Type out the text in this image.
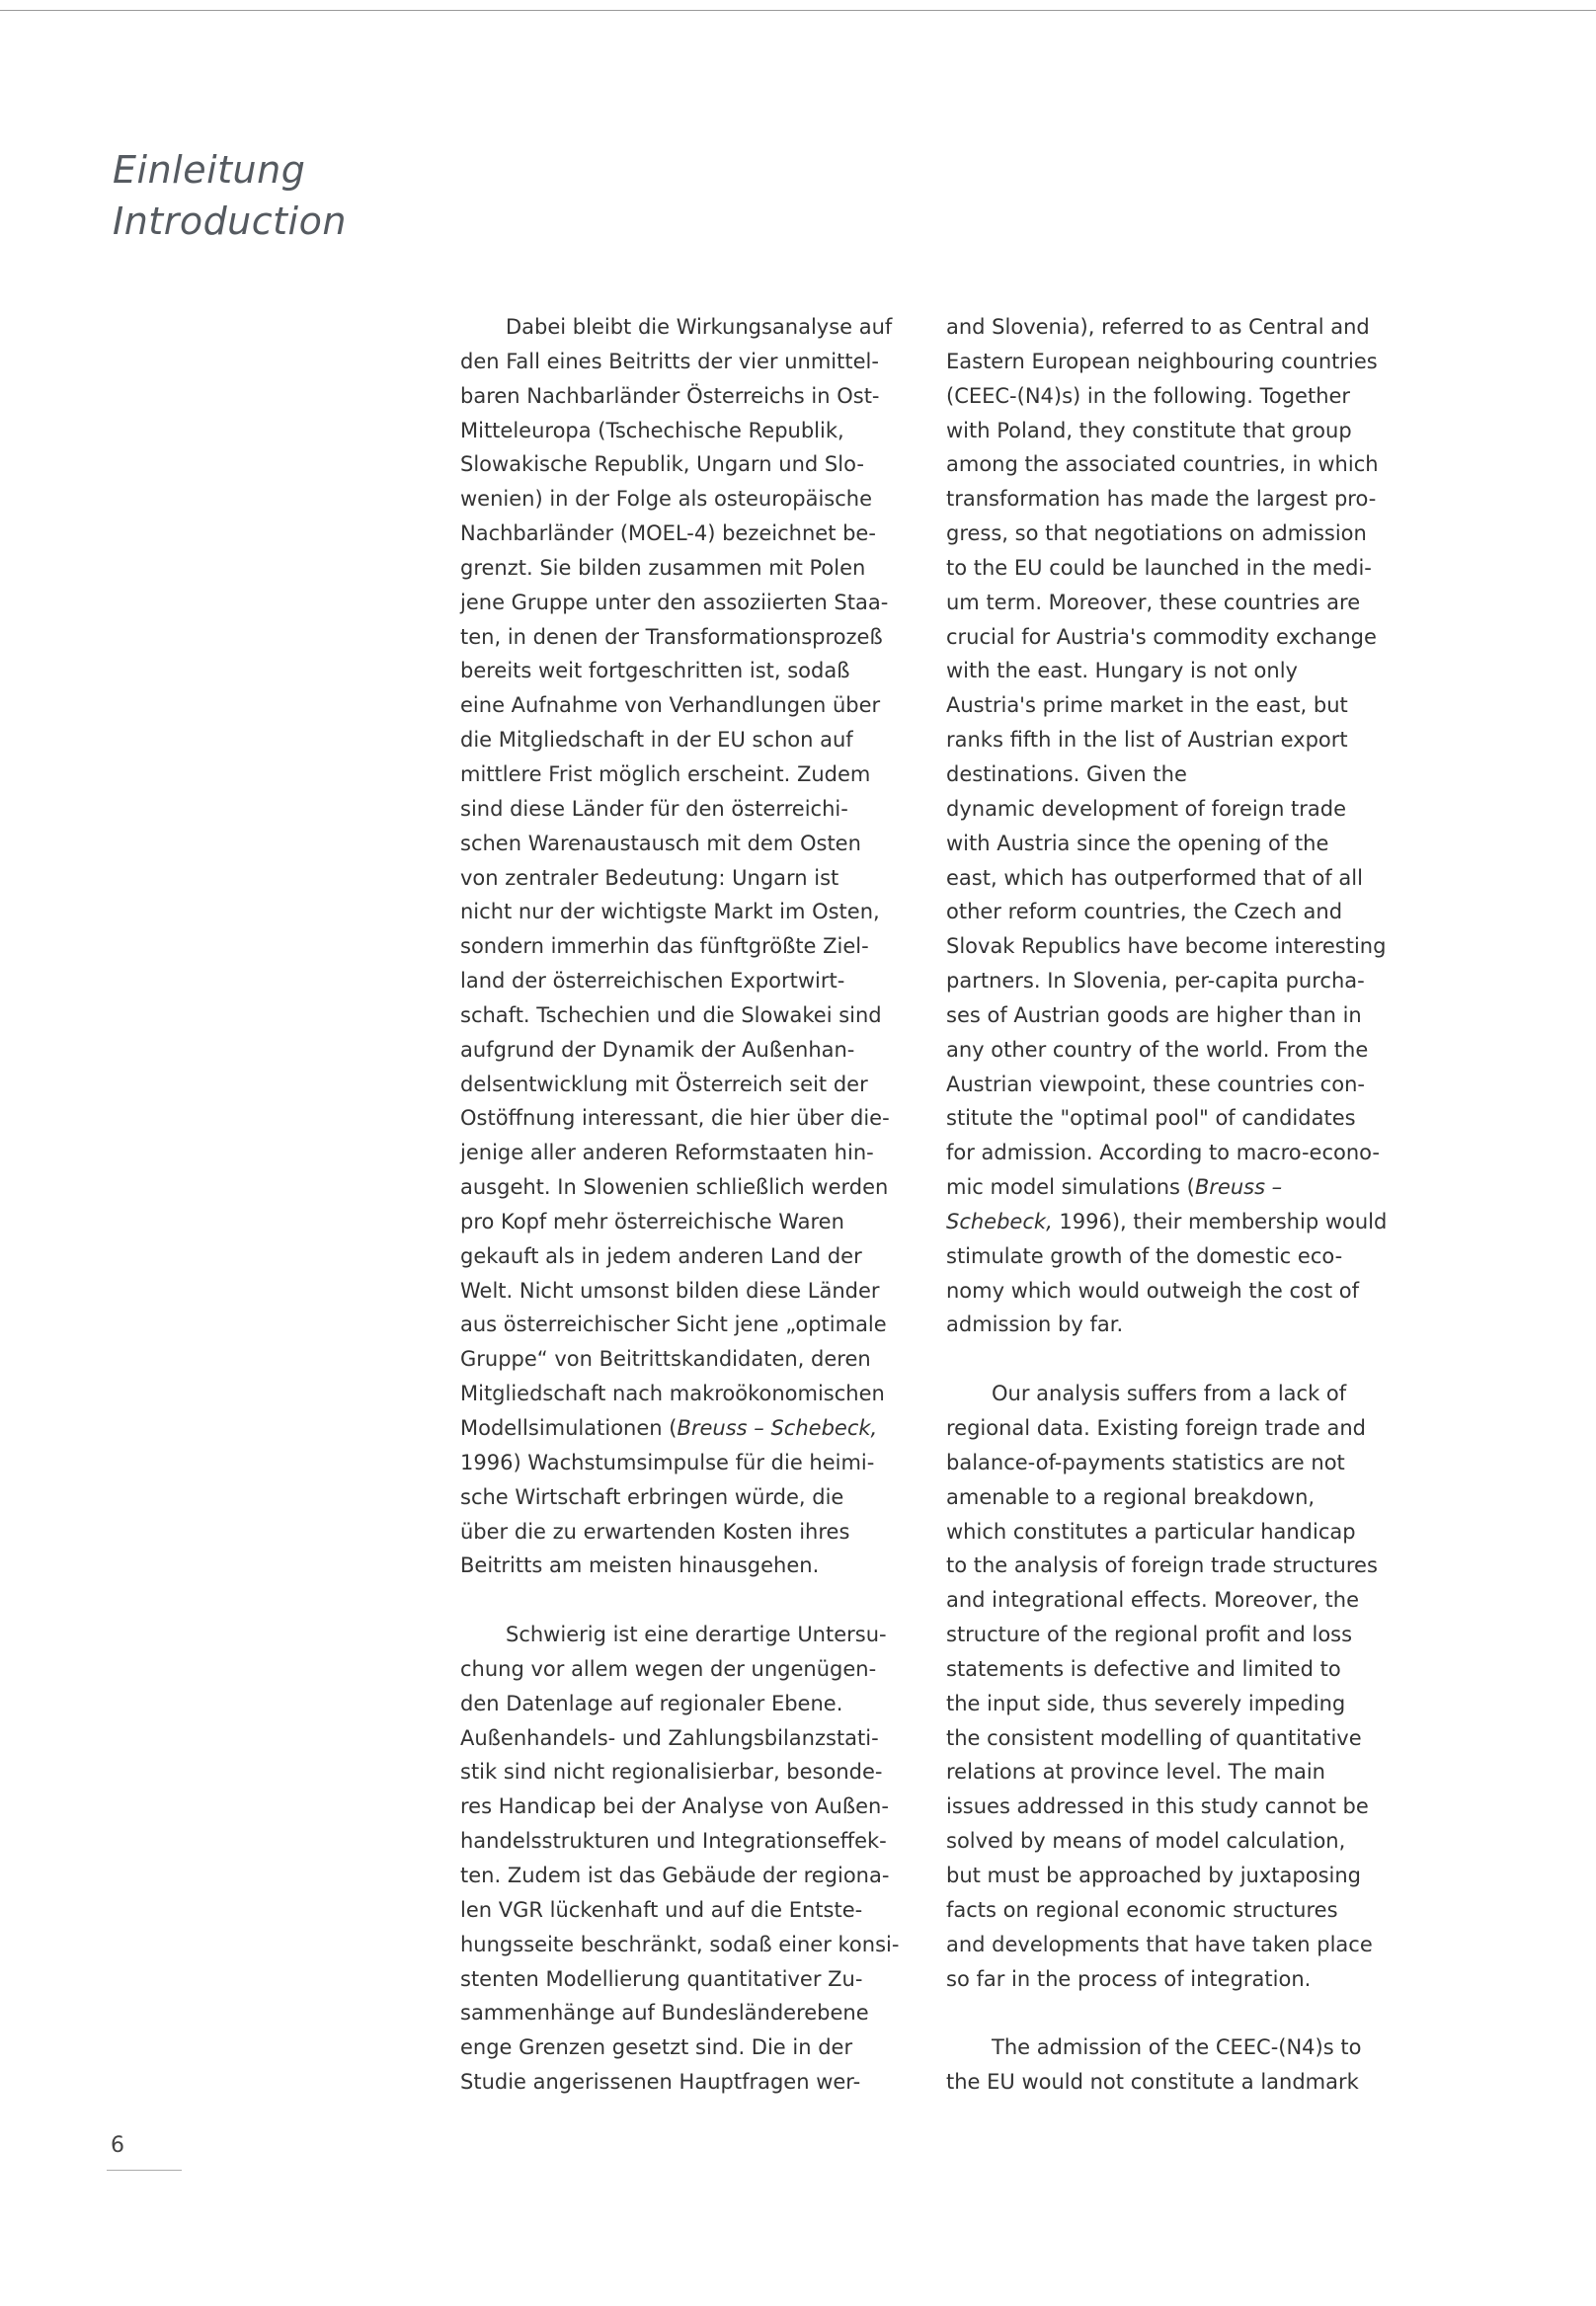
Einleitung
Introduction
Dabei bleibt die Wirkungsanalyse auf
den Fall eines Beitritts der vier unmittel-
baren Nachbarländer Österreichs in Ost-
Mitteleuropa (Tschechische Republik,
Slowakische Republik, Ungarn und Slo-
wenien) in der Folge als osteuropäische
Nachbarländer (MOEL-4) bezeichnet be-
grenzt. Sie bilden zusammen mit Polen
jene Gruppe unter den assoziierten Staa-
ten, in denen der Transformationsprozeß
bereits weit fortgeschritten ist, sodaß
eine Aufnahme von Verhandlungen über
die Mitgliedschaft in der EU schon auf
mittlere Frist möglich erscheint. Zudem
sind diese Länder für den österreichi-
schen Warenaustausch mit dem Osten
von zentraler Bedeutung: Ungarn ist
nicht nur der wichtigste Markt im Osten,
sondern immerhin das fünftgrößte Ziel-
land der österreichischen Exportwirt-
schaft. Tschechien und die Slowakei sind
aufgrund der Dynamik der Außenhan-
delsentwicklung mit Österreich seit der
Ostöffnung interessant, die hier über die-
jenige aller anderen Reformstaaten hin-
ausgeht. In Slowenien schließlich werden
pro Kopf mehr österreichische Waren
gekauft als in jedem anderen Land der
Welt. Nicht umsonst bilden diese Länder
aus österreichischer Sicht jene „optimale
Gruppe“ von Beitrittskandidaten, deren
Mitgliedschaft nach makroökonomischen
Modellsimulationen (Breuss – Schebeck,
1996) Wachstumsimpulse für die heimi-
sche Wirtschaft erbringen würde, die
über die zu erwartenden Kosten ihres
Beitritts am meisten hinausgehen.
Schwierig ist eine derartige Untersu-
chung vor allem wegen der ungenügen-
den Datenlage auf regionaler Ebene.
Außenhandels- und Zahlungsbilanzstati-
stik sind nicht regionalisierbar, besonde-
res Handicap bei der Analyse von Außen-
handelsstrukturen und Integrationseffek-
ten. Zudem ist das Gebäude der regiona-
len VGR lückenhaft und auf die Entste-
hungsseite beschränkt, sodaß einer konsi-
stenten Modellierung quantitativer Zu-
sammenhänge auf Bundesländerebene
enge Grenzen gesetzt sind. Die in der
Studie angerissenen Hauptfragen wer-
and Slovenia), referred to as Central and
Eastern European neighbouring countries
(CEEC-(N4)s) in the following. Together
with Poland, they constitute that group
among the associated countries, in which
transformation has made the largest pro-
gress, so that negotiations on admission
to the EU could be launched in the medi-
um term. Moreover, these countries are
crucial for Austria's commodity exchange
with the east. Hungary is not only
Austria's prime market in the east, but
ranks fifth in the list of Austrian export
destinations. Given the
dynamic development of foreign trade
with Austria since the opening of the
east, which has outperformed that of all
other reform countries, the Czech and
Slovak Republics have become interesting
partners. In Slovenia, per-capita purcha-
ses of Austrian goods are higher than in
any other country of the world. From the
Austrian viewpoint, these countries con-
stitute the "optimal pool" of candidates
for admission. According to macro-econo-
mic model simulations (Breuss –
Schebeck, 1996), their membership would
stimulate growth of the domestic eco-
nomy which would outweigh the cost of
admission by far.
Our analysis suffers from a lack of
regional data. Existing foreign trade and
balance-of-payments statistics are not
amenable to a regional breakdown,
which constitutes a particular handicap
to the analysis of foreign trade structures
and integrational effects. Moreover, the
structure of the regional profit and loss
statements is defective and limited to
the input side, thus severely impeding
the consistent modelling of quantitative
relations at province level. The main
issues addressed in this study cannot be
solved by means of model calculation,
but must be approached by juxtaposing
facts on regional economic structures
and developments that have taken place
so far in the process of integration.
The admission of the CEEC-(N4)s to
the EU would not constitute a landmark
6
